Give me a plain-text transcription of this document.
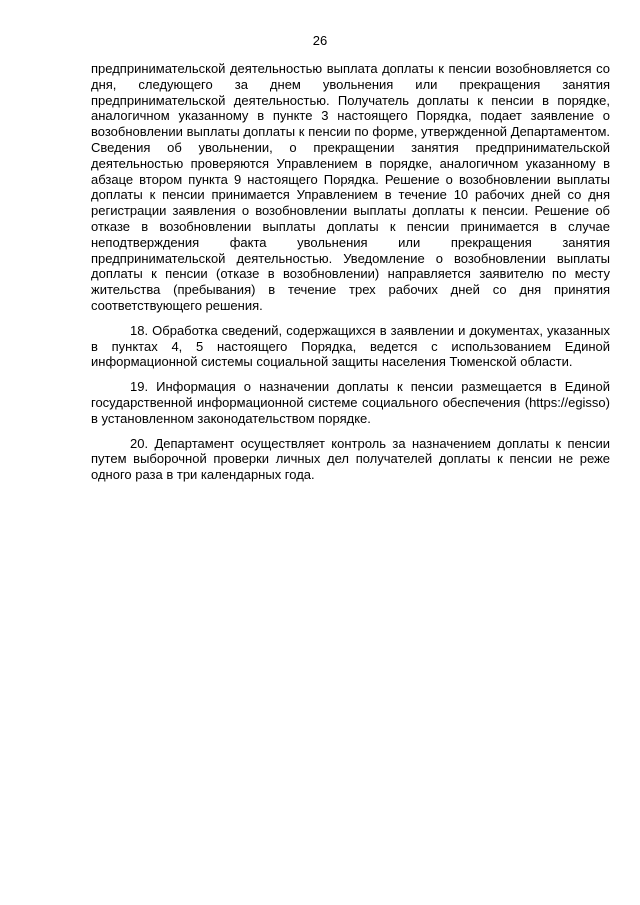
26

предпринимательской деятельностью выплата доплаты к пенсии возобновляется со дня, следующего за днем увольнения или прекращения занятия предпринимательской деятельностью. Получатель доплаты к пенсии в порядке, аналогичном указанному в пункте 3 настоящего Порядка, подает заявление о возобновлении выплаты доплаты к пенсии по форме, утвержденной Департаментом. Сведения об увольнении, о прекращении занятия предпринимательской деятельностью проверяются Управлением в порядке, аналогичном указанному в абзаце втором пункта 9 настоящего Порядка. Решение о возобновлении выплаты доплаты к пенсии принимается Управлением в течение 10 рабочих дней со дня регистрации заявления о возобновлении выплаты доплаты к пенсии. Решение об отказе в возобновлении выплаты доплаты к пенсии принимается в случае неподтверждения факта увольнения или прекращения занятия предпринимательской деятельностью. Уведомление о возобновлении выплаты доплаты к пенсии (отказе в возобновлении) направляется заявителю по месту жительства (пребывания) в течение трех рабочих дней со дня принятия соответствующего решения.

18. Обработка сведений, содержащихся в заявлении и документах, указанных в пунктах 4, 5 настоящего Порядка, ведется с использованием Единой информационной системы социальной защиты населения Тюменской области.

19. Информация о назначении доплаты к пенсии размещается в Единой государственной информационной системе социального обеспечения (https://egisso) в установленном законодательством порядке.

20. Департамент осуществляет контроль за назначением доплаты к пенсии путем выборочной проверки личных дел получателей доплаты к пенсии не реже одного раза в три календарных года.
